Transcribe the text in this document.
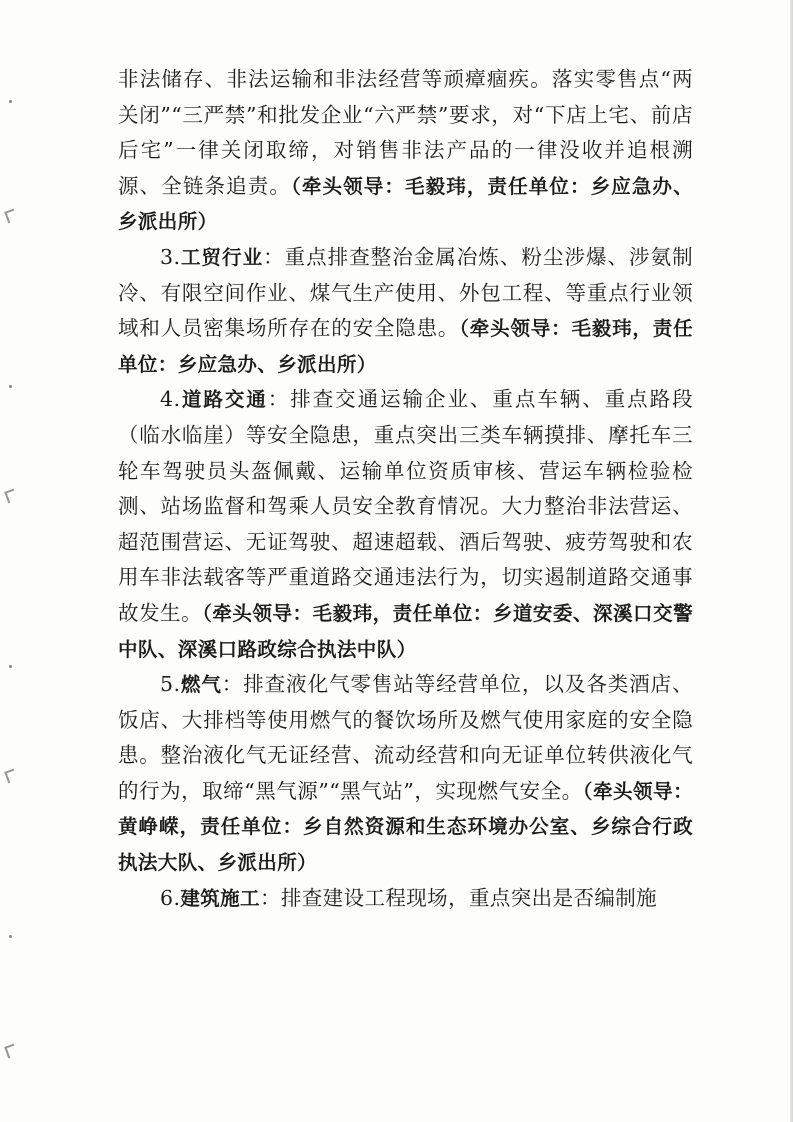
非法储存、非法运输和非法经营等顽瘴痼疾。落实零售点“两关闭”“三严禁”和批发企业“六严禁”要求，对“下店上宅、前店后宅”一律关闭取缔，对销售非法产品的一律没收并追根溯源、全链条追责。（牵头领导：毛毅玮，责任单位：乡应急办、乡派出所）

3.工贸行业：重点排查整治金属冶炼、粉尘涉爆、涉氨制冷、有限空间作业、煤气生产使用、外包工程、等重点行业领域和人员密集场所存在的安全隐患。（牵头领导：毛毅玮，责任单位：乡应急办、乡派出所）

4.道路交通：排查交通运输企业、重点车辆、重点路段（临水临崖）等安全隐患，重点突出三类车辆摸排、摩托车三轮车驾驶员头盔佩戴、运输单位资质审核、营运车辆检验检测、站场监督和驾乘人员安全教育情况。大力整治非法营运、超范围营运、无证驾驶、超速超载、酒后驾驶、疲劳驾驶和农用车非法载客等严重道路交通违法行为，切实遏制道路交通事故发生。（牵头领导：毛毅玮，责任单位：乡道安委、深溪口交警中队、深溪口路政综合执法中队）

5.燃气：排查液化气零售站等经营单位，以及各类酒店、饭店、大排档等使用燃气的餐饮场所及燃气使用家庭的安全隐患。整治液化气无证经营、流动经营和向无证单位转供液化气的行为，取缔“黑气源”“黑气站”，实现燃气安全。（牵头领导：黄峥嵘，责任单位：乡自然资源和生态环境办公室、乡综合行政执法大队、乡派出所）

6.建筑施工：排查建设工程现场，重点突出是否编制施
